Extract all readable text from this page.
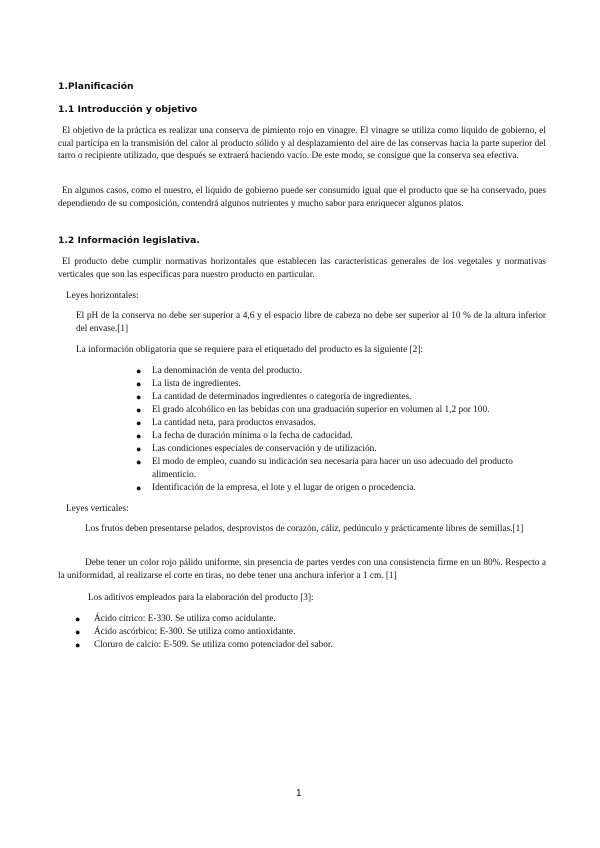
1.Planificación
1.1 Introducción y objetivo

El objetivo de la práctica es realizar una conserva de pimiento rojo en vinagre. El vinagre se utiliza como líquido de gobierno, el cual participa en la transmisión del calor al producto sólido y al desplazamiento del aire de las conservas hacia la parte superior del tarro o recipiente utilizado, que después se extraerá haciendo vacío. De este modo, se consigue que la conserva sea efectiva.

En algunos casos, como el nuestro, el líquido de gobierno puede ser consumido igual que el producto que se ha conservado, pues dependiendo de su composición, contendrá algunos nutrientes y mucho sabor para enriquecer algunos platos.

1.2 Información legislativa.

El producto debe cumplir normativas horizontales que establecen las características generales de los vegetales y normativas verticales que son las específicas para nuestro producto en particular.

Leyes horizontales:

El pH de la conserva no debe ser superior a 4,6 y el espacio libre de cabeza no debe ser superior al 10 % de la altura inferior del envase.[1]

La información obligatoria que se requiere para el etiquetado del producto es la siguiente [2]:
● La denominación de venta del producto.
● La lista de ingredientes.
● La cantidad de determinados ingredientes o categoría de ingredientes.
● El grado alcohólico en las bebidas con una graduación superior en volumen al 1,2 por 100.
● La cantidad neta, para productos envasados.
● La fecha de duración mínima o la fecha de caducidad.
● Las condiciones especiales de conservación y de utilización.
● El modo de empleo, cuando su indicación sea necesaria para hacer un uso adecuado del producto alimenticio.
● Identificación de la empresa, el lote y el lugar de origen o procedencia.
Leyes verticales:

Los frutos deben presentarse pelados, desprovistos de corazón, cáliz, pedúnculo y prácticamente libres de semillas.[1]

Debe tener un color rojo pálido uniforme, sin presencia de partes verdes con una consistencia firme en un 80%. Respecto a la uniformidad, al realizarse el corte en tiras, no debe tener una anchura inferior a 1 cm. [1]

Los aditivos empleados para la elaboración del producto [3]:
● Ácido cítrico: E-330. Se utiliza como acidulante.
● Ácido ascórbico: E-300. Se utiliza como antioxidante.
● Cloruro de calcio: E-509. Se utiliza como potenciador del sabor.
1
